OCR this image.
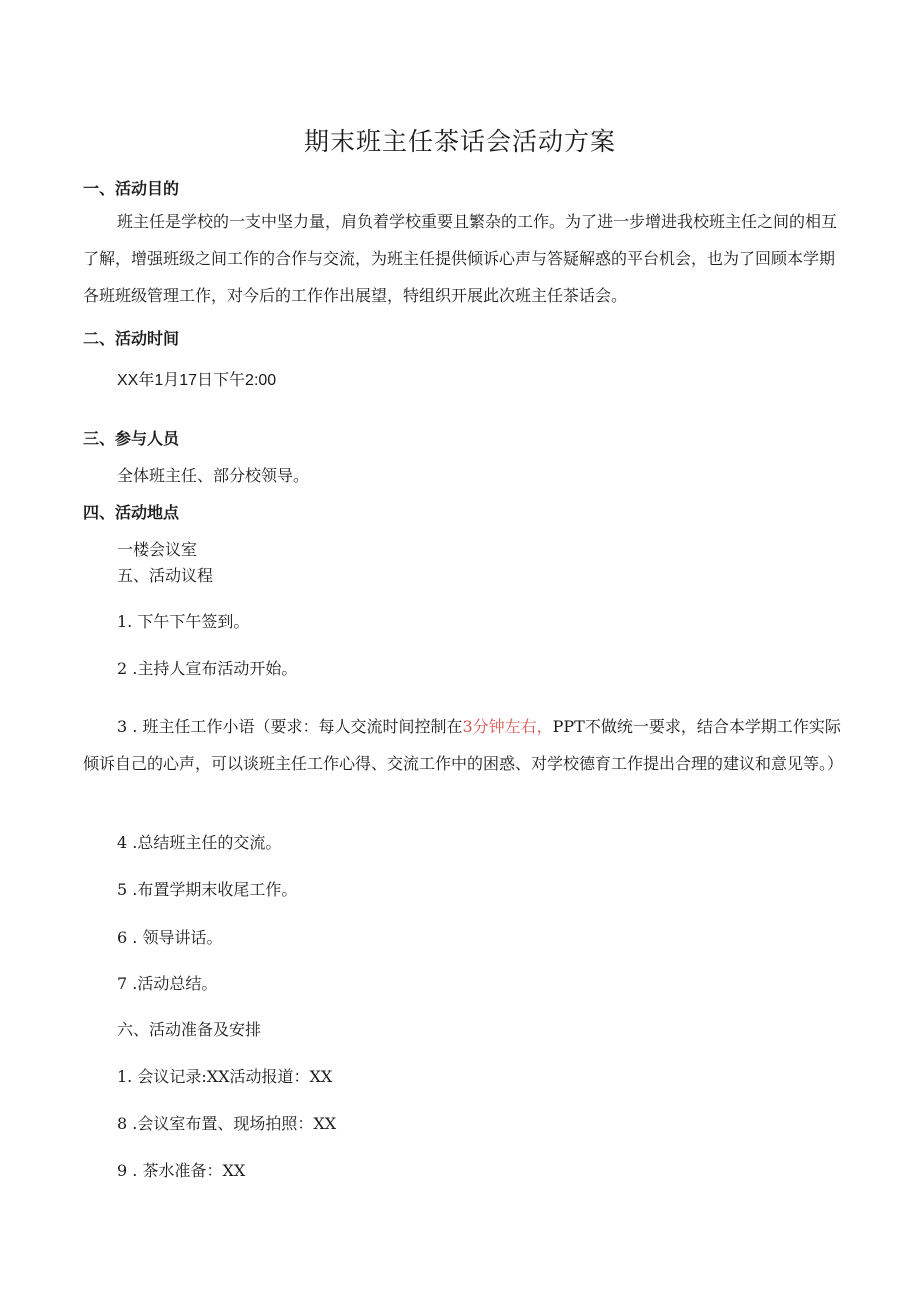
期末班主任茶话会活动方案
一、活动目的
班主任是学校的一支中坚力量，肩负着学校重要且繁杂的工作。为了进一步增进我校班主任之间的相互了解，增强班级之间工作的合作与交流，为班主任提供倾诉心声与答疑解惑的平台机会，也为了回顾本学期各班班级管理工作，对今后的工作作出展望，特组织开展此次班主任茶话会。
二、活动时间
XX年1月17日下午2:00
三、参与人员
全体班主任、部分校领导。
四、活动地点
一楼会议室
五、活动议程
1. 下午下午签到。
2 .主持人宣布活动开始。
3 . 班主任工作小语（要求：每人交流时间控制在3分钟左右，PPT不做统一要求，结合本学期工作实际倾诉自己的心声，可以谈班主任工作心得、交流工作中的困惑、对学校德育工作提出合理的建议和意见等。）
4 .总结班主任的交流。
5 .布置学期末收尾工作。
6 . 领导讲话。
7 .活动总结。
六、活动准备及安排
1. 会议记录:XX活动报道：XX
8 .会议室布置、现场拍照：XX
9 . 茶水准备：XX
